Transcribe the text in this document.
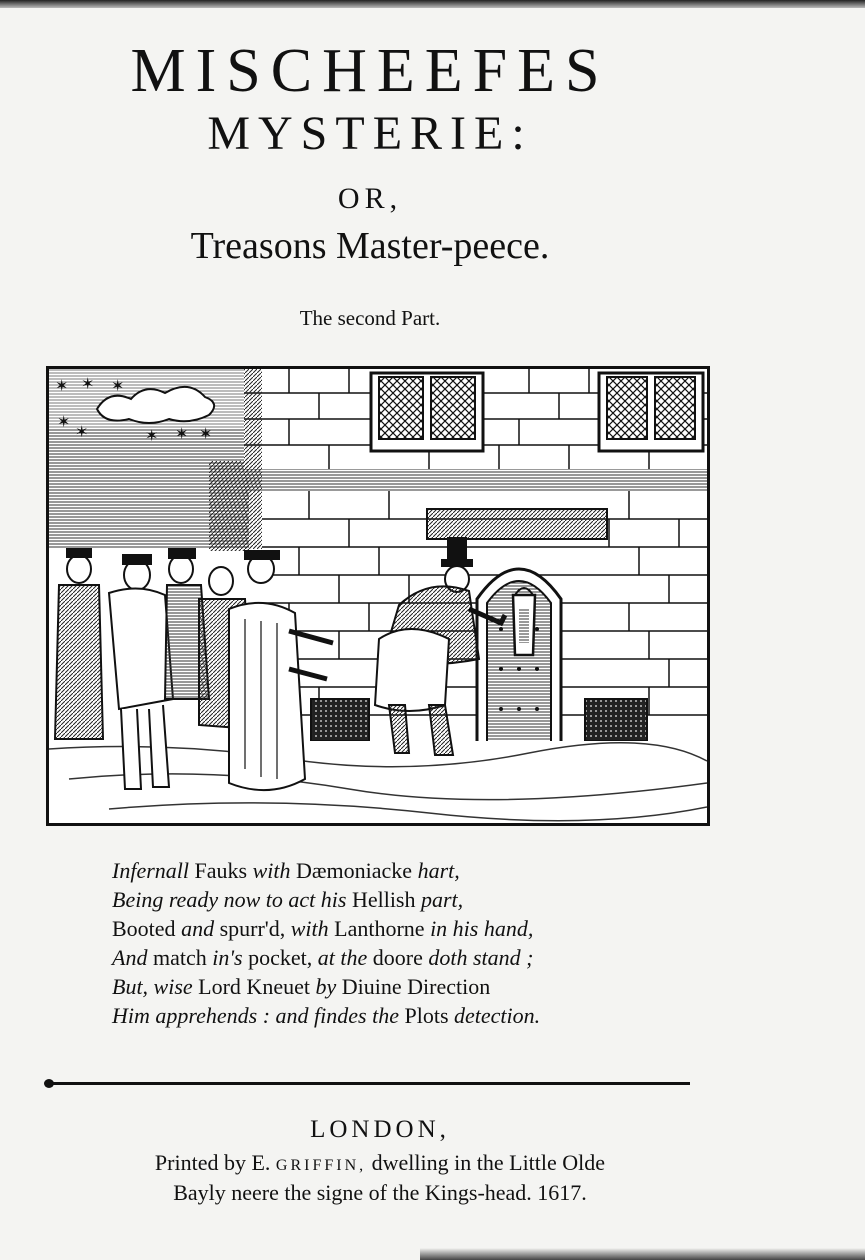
MISCHEEFES
MYSTERIE:
OR,
Treasons Master-peece.
The second Part.
✶ ✶ ✶
✶
✶	✶ ✶ ✶
Infernall Fauks with Dæmoniacke hart,
Being ready now to act his Hellish part,
Booted and spurr'd, with Lanthorne in his hand,
And match in's pocket, at the doore doth stand ;
But, wise Lord Kneuet by Diuine Direction
Him apprehends : and findes the Plots detection.
LONDON,
Printed by E. GRIFFIN, dwelling in the Little Olde
Bayly neere the signe of the Kings-head. 1617.
